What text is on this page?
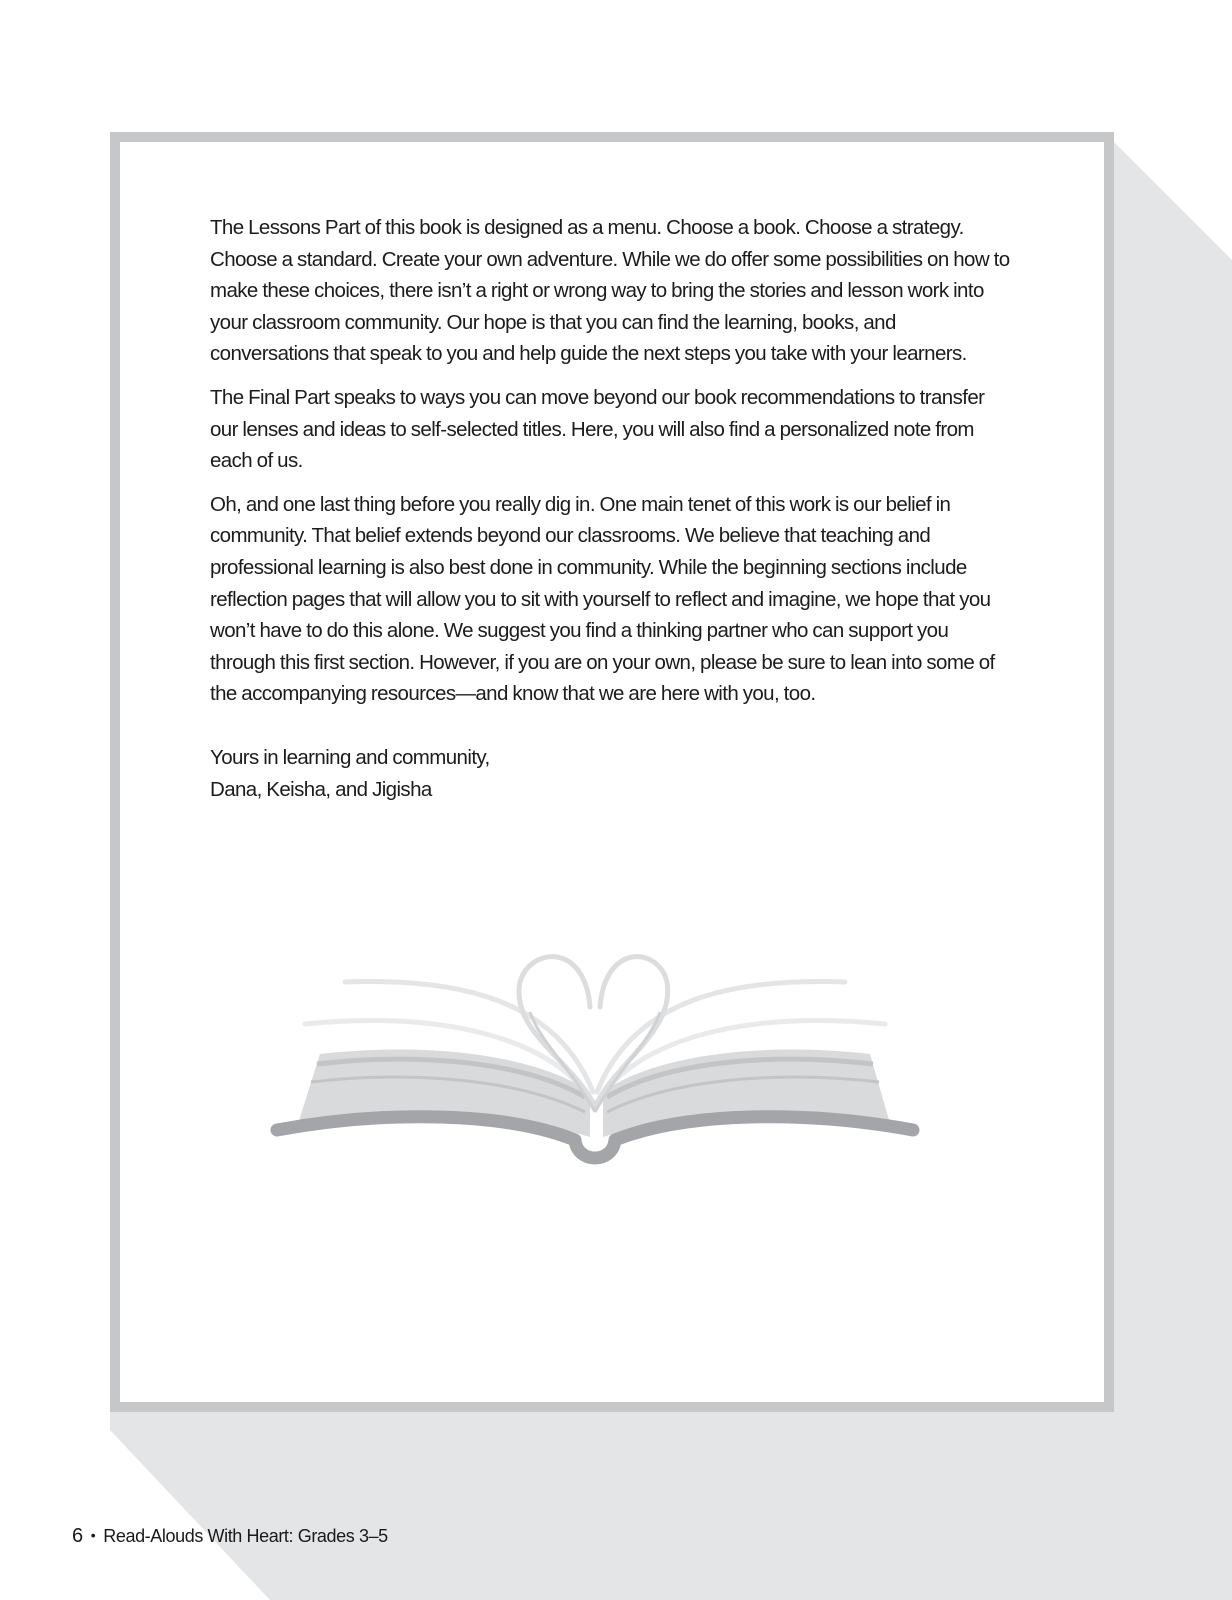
The Lessons Part of this book is designed as a menu. Choose a book. Choose a strategy. Choose a standard. Create your own adventure. While we do offer some possibilities on how to make these choices, there isn’t a right or wrong way to bring the stories and lesson work into your classroom community. Our hope is that you can find the learning, books, and conversations that speak to you and help guide the next steps you take with your learners.

The Final Part speaks to ways you can move beyond our book recommendations to transfer our lenses and ideas to self-selected titles. Here, you will also find a personalized note from each of us.

Oh, and one last thing before you really dig in. One main tenet of this work is our belief in community. That belief extends beyond our classrooms. We believe that teaching and professional learning is also best done in community. While the beginning sections include reflection pages that will allow you to sit with yourself to reflect and imagine, we hope that you won’t have to do this alone. We suggest you find a thinking partner who can support you through this first section. However, if you are on your own, please be sure to lean into some of the accompanying resources—and know that we are here with you, too.

Yours in learning and community,
Dana, Keisha, and Jigisha
6 • Read-Alouds With Heart: Grades 3–5
